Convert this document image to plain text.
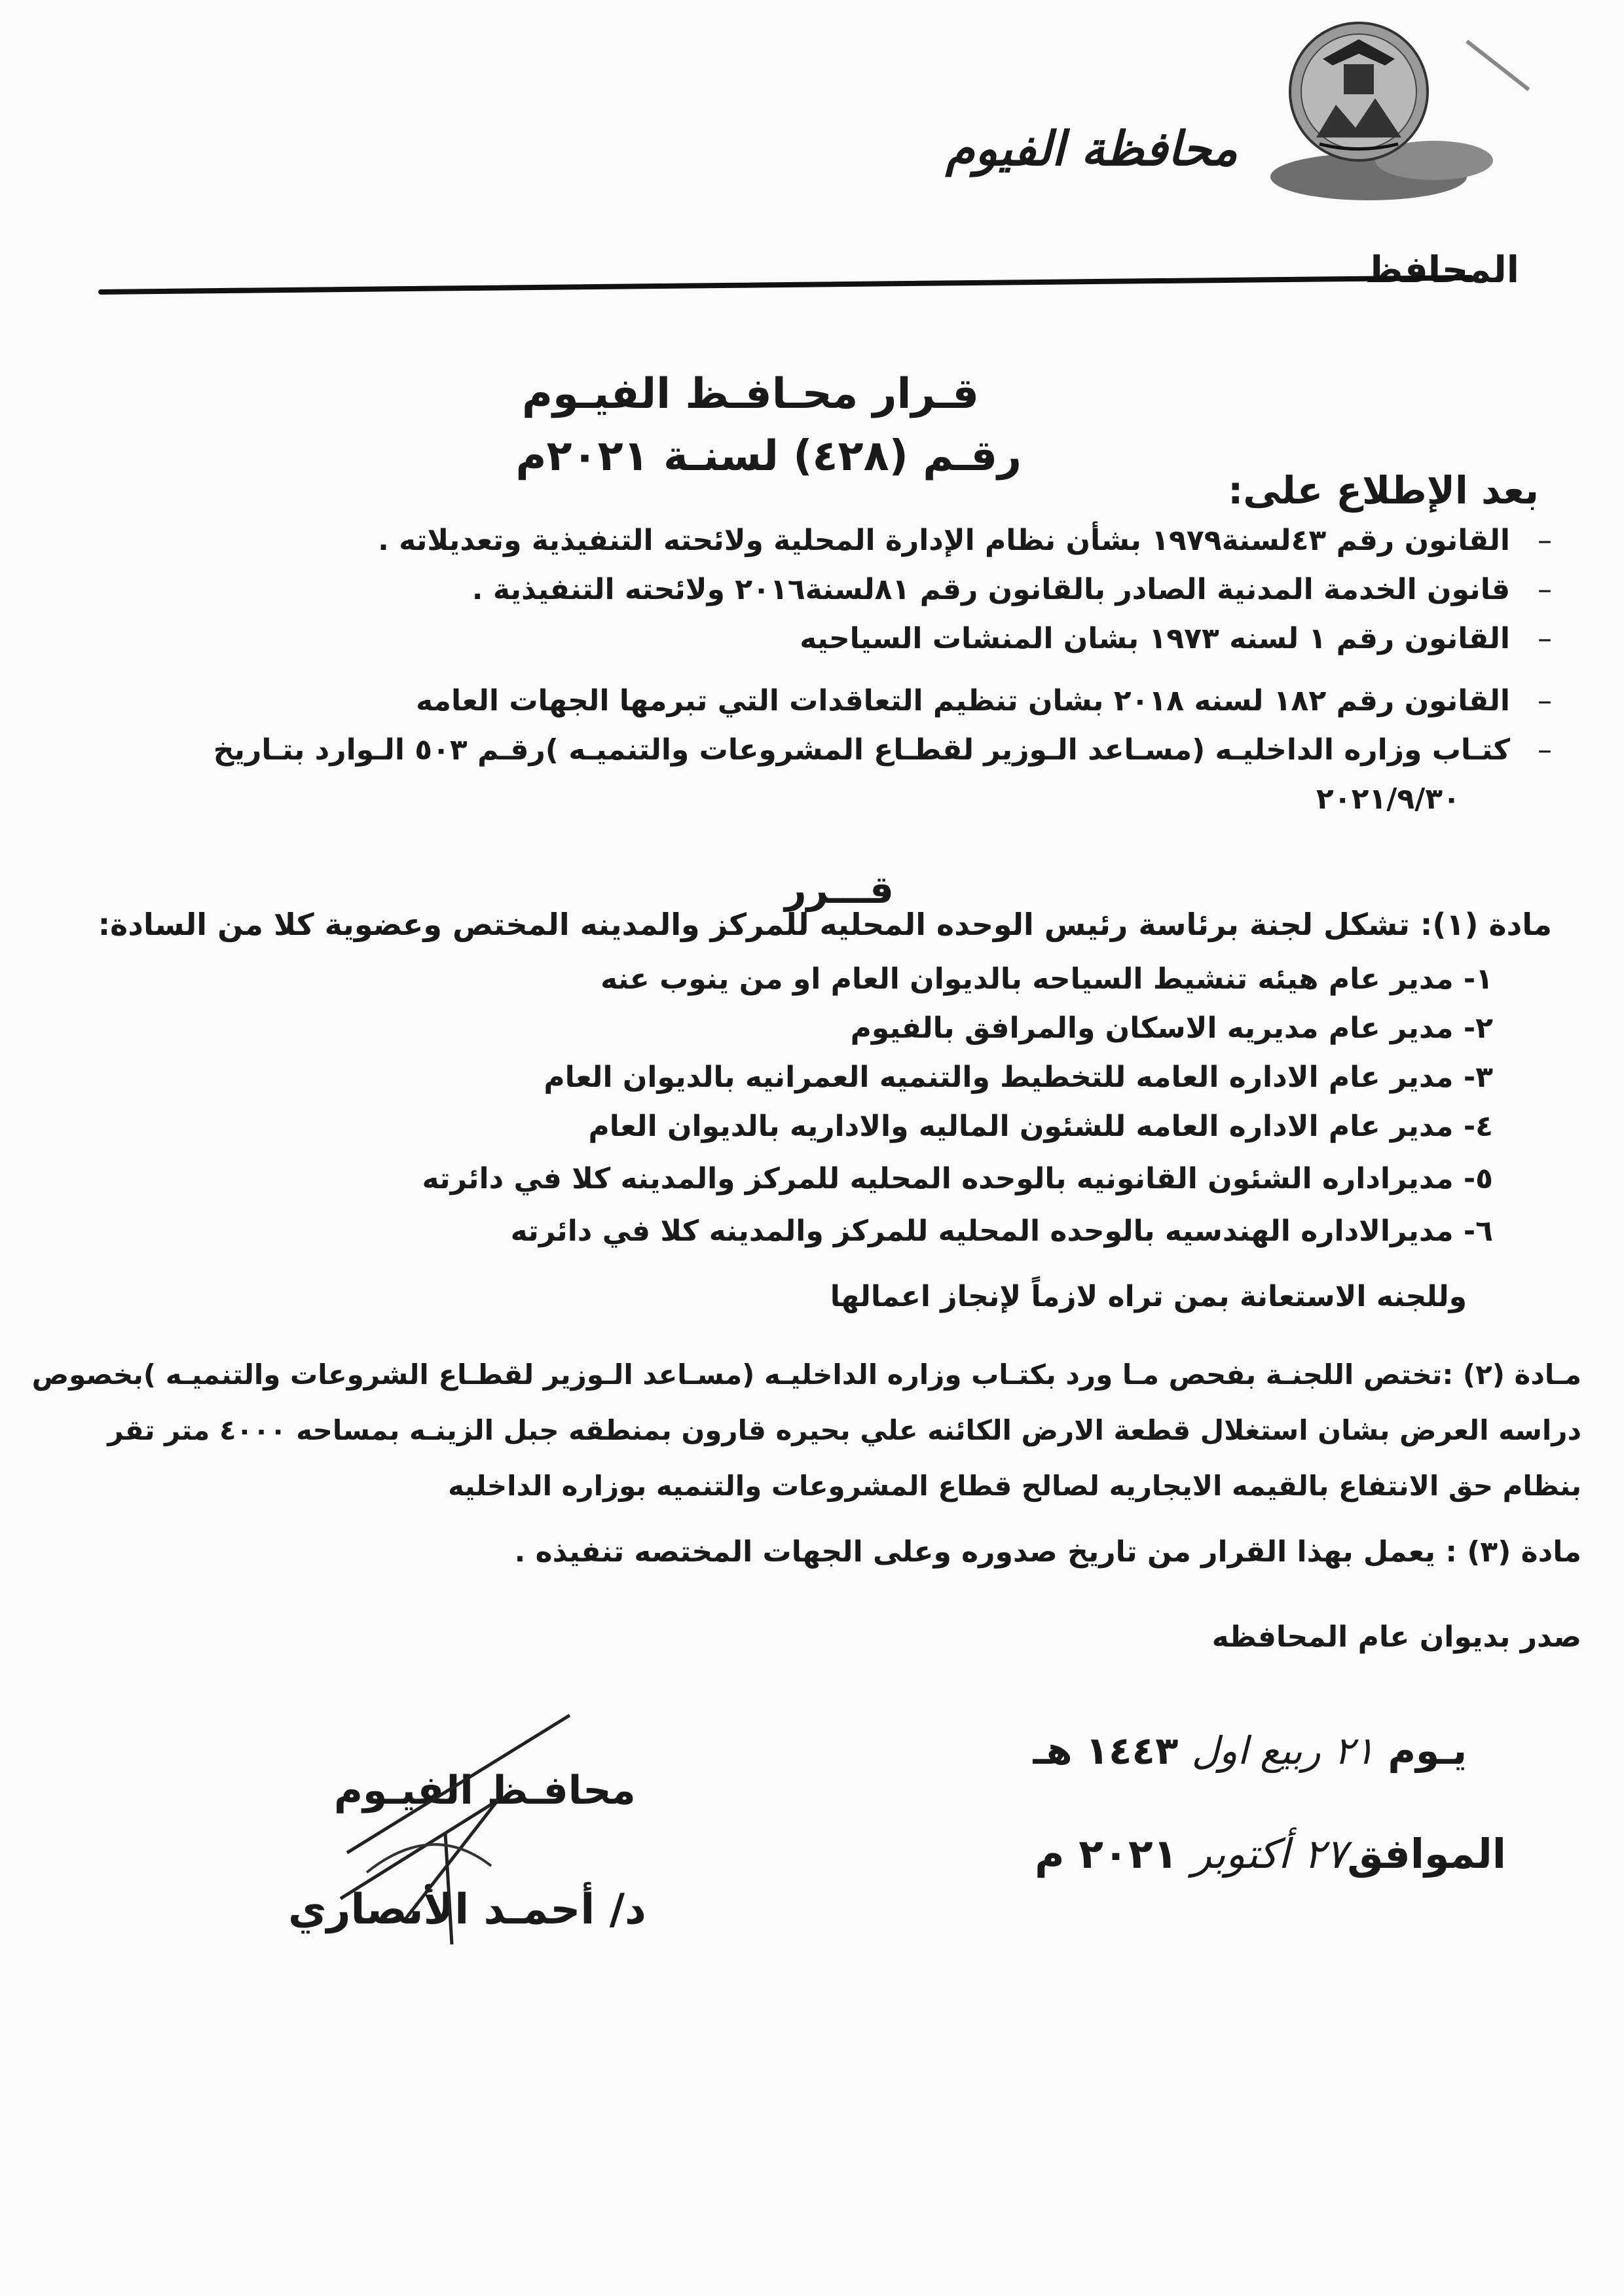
محافظة الفيوم
المحافظ
قـرار محـافـظ الفيـوم
رقـم (٤٢٨) لسنـة ٢٠٢١م
بعد الإطلاع على:
–   القانون رقم ٤٣لسنة١٩٧٩ بشأن نظام الإدارة المحلية ولائحته التنفيذية وتعديلاته .
–   قانون الخدمة المدنية الصادر بالقانون رقم ٨١لسنة٢٠١٦ ولائحته التنفيذية .
–   القانون رقم ١ لسنه ١٩٧٣ بشان المنشات السياحيه
–   القانون رقم ١٨٢ لسنه ٢٠١٨ بشان تنظيم التعاقدات التي تبرمها الجهات العامه
–   كتـاب وزاره الداخليـه (مسـاعد الـوزير لقطـاع المشروعات والتنميـه )رقـم ٥٠٣ الـوارد بتـاريخ
٢٠٢١/٩/٣٠
قـــرر
مادة (١): تشكل لجنة برئاسة رئيس الوحده المحليه للمركز والمدينه المختص وعضوية كلا من السادة:
١- مدير عام هيئه تنشيط السياحه بالديوان العام او من ينوب عنه
٢- مدير عام مديريه الاسكان والمرافق بالفيوم
٣- مدير عام الاداره العامه للتخطيط والتنميه العمرانيه بالديوان العام
٤- مدير عام الاداره العامه للشئون الماليه والاداريه بالديوان العام
٥- مديراداره الشئون القانونيه بالوحده المحليه للمركز والمدينه كلا في دائرته
٦- مديرالاداره الهندسيه بالوحده المحليه للمركز والمدينه كلا في دائرته
وللجنه الاستعانة بمن تراه لازماً لإنجاز اعمالها
مـادة (٢) :تختص اللجنـة بفحص مـا ورد بكتـاب وزاره الداخليـه (مسـاعد الـوزير لقطـاع الشروعات والتنميـه )بخصوص
دراسه العرض بشان استغلال قطعة الارض الكائنه علي بحيره قارون بمنطقه جبل الزينـه بمساحه ٤٠٠٠ متر تقر
بنظام حق الانتفاع بالقيمه الايجاريه لصالح قطاع المشروعات والتنميه بوزاره الداخليه
مادة (٣) : يعمل بهذا القرار من تاريخ صدوره وعلى الجهات المختصه تنفيذه .
صدر بديوان عام المحافظه
يـوم ٢١ ربيع اول ١٤٤٣ هـ
الموافق٢٧ أكتوبر ٢٠٢١ م
محافـظ الفيـوم
د/ أحمـد الأنصاري
